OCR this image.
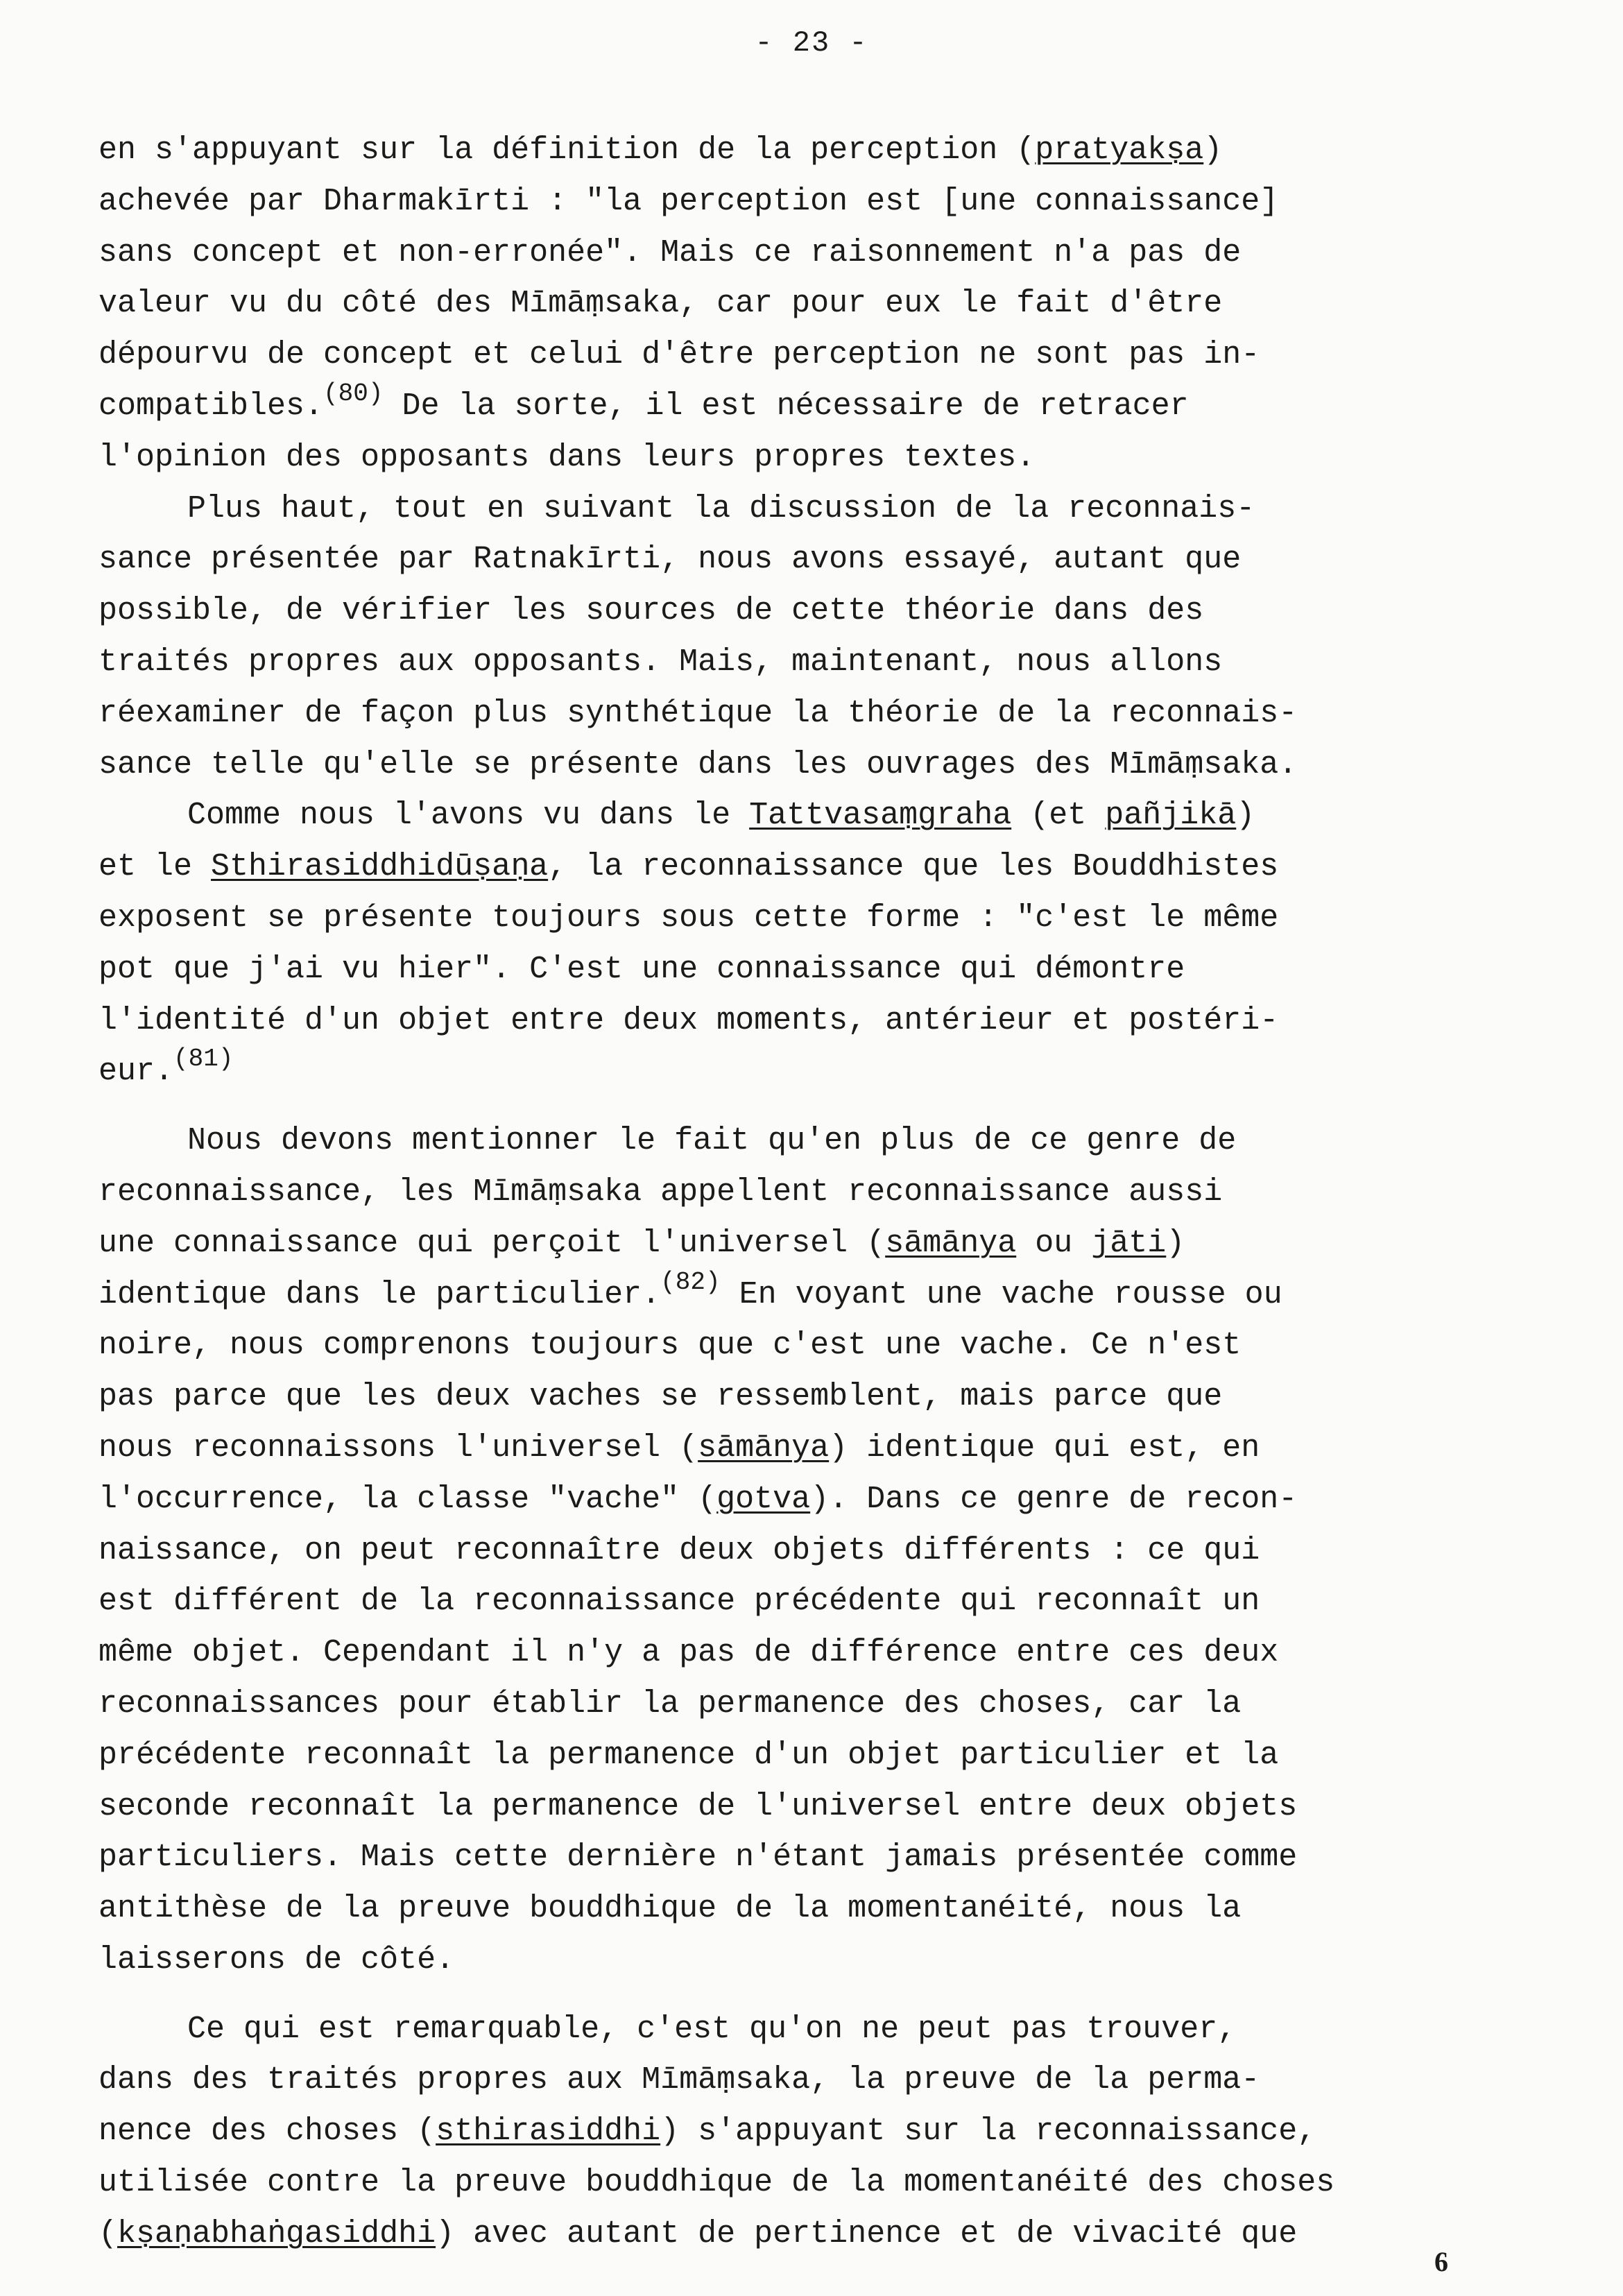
- 23 -
en s'appuyant sur la définition de la perception (pratyakṣa)
achevée par Dharmakīrti : "la perception est [une connaissance]
sans concept et non-erronée". Mais ce raisonnement n'a pas de
valeur vu du côté des Mīmāṃsaka, car pour eux le fait d'être
dépourvu de concept et celui d'être perception ne sont pas in-
compatibles.$^{(80)}$ De la sorte, il est nécessaire de retracer
l'opinion des opposants dans leurs propres textes.
Plus haut, tout en suivant la discussion de la reconnais-
sance présentée par Ratnakīrti, nous avons essayé, autant que
possible, de vérifier les sources de cette théorie dans des
traités propres aux opposants. Mais, maintenant, nous allons
réexaminer de façon plus synthétique la théorie de la reconnais-
sance telle qu'elle se présente dans les ouvrages des Mīmāṃsaka.
Comme nous l'avons vu dans le Tattvasaṃgraha (et pañjikā)
et le Sthirasiddhidūṣaṇa, la reconnaissance que les Bouddhistes
exposent se présente toujours sous cette forme : "c'est le même
pot que j'ai vu hier". C'est une connaissance qui démontre
l'identité d'un objet entre deux moments, antérieur et postéri-
eur.$^{(81)}$
Nous devons mentionner le fait qu'en plus de ce genre de
reconnaissance, les Mīmāṃsaka appellent reconnaissance aussi
une connaissance qui perçoit l'universel (sāmānya ou jāti)
identique dans le particulier.$^{(82)}$ En voyant une vache rousse ou
noire, nous comprenons toujours que c'est une vache. Ce n'est
pas parce que les deux vaches se ressemblent, mais parce que
nous reconnaissons l'universel (sāmānya) identique qui est, en
l'occurrence, la classe "vache" (gotva). Dans ce genre de recon-
naissance, on peut reconnaître deux objets différents : ce qui
est différent de la reconnaissance précédente qui reconnaît un
même objet. Cependant il n'y a pas de différence entre ces deux
reconnaissances pour établir la permanence des choses, car la
précédente reconnaît la permanence d'un objet particulier et la
seconde reconnaît la permanence de l'universel entre deux objets
particuliers. Mais cette dernière n'étant jamais présentée comme
antithèse de la preuve bouddhique de la momentanéité, nous la
laisserons de côté.
Ce qui est remarquable, c'est qu'on ne peut pas trouver,
dans des traités propres aux Mīmāṃsaka, la preuve de la perma-
nence des choses (sthirasiddhi) s'appuyant sur la reconnaissance,
utilisée contre la preuve bouddhique de la momentanéité des choses
(kṣaṇabhaṅgasiddhi) avec autant de pertinence et de vivacité que
6
